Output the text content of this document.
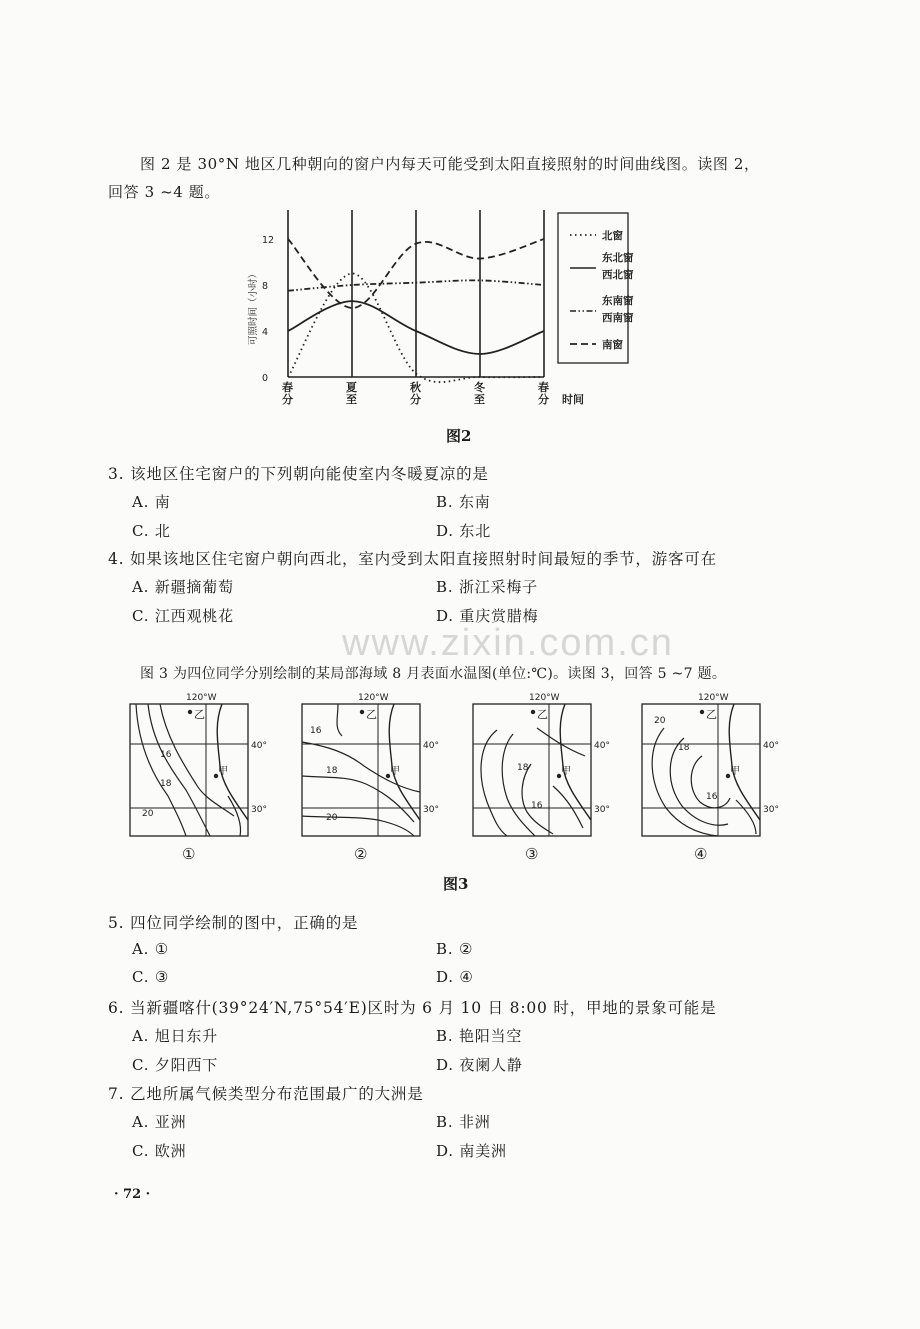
图 2 是 30°N 地区几种朝向的窗户内每天可能受到太阳直接照射的时间曲线图。读图 2，
回答 3 ~4 题。
12
8
4
0
春
分
夏
至
秋
分
冬
至
春
分
可照时间（小时）
时间
北窗
东北窗
西北窗
东南窗
西南窗
南窗
图2
3. 该地区住宅窗户的下列朝向能使室内冬暖夏凉的是
A. 南	B. 东南
C. 北	D. 东北
4. 如果该地区住宅窗户朝向西北，室内受到太阳直接照射时间最短的季节，游客可在
A. 新疆摘葡萄	B. 浙江采梅子
C. 江西观桃花	D. 重庆赏腊梅
www.zixin.com.cn
图 3 为四位同学分别绘制的某局部海域 8 月表面水温图(单位:℃)。读图 3，回答 5 ~7 题。
16
18
20
乙
甲
120°W
40°
30°
①
16
18
20
乙
甲
120°W
40°
30°
②
18
16
乙
甲
120°W
40°
30°
③
20
18
16
乙
甲
120°W
40°
30°
④
图3
5. 四位同学绘制的图中，正确的是
A. ①	B. ②
C. ③	D. ④
6. 当新疆喀什(39°24′N,75°54′E)区时为 6 月 10 日 8:00 时，甲地的景象可能是
A. 旭日东升	B. 艳阳当空
C. 夕阳西下	D. 夜阑人静
7. 乙地所属气候类型分布范围最广的大洲是
A. 亚洲	B. 非洲
C. 欧洲	D. 南美洲
· 72 ·
